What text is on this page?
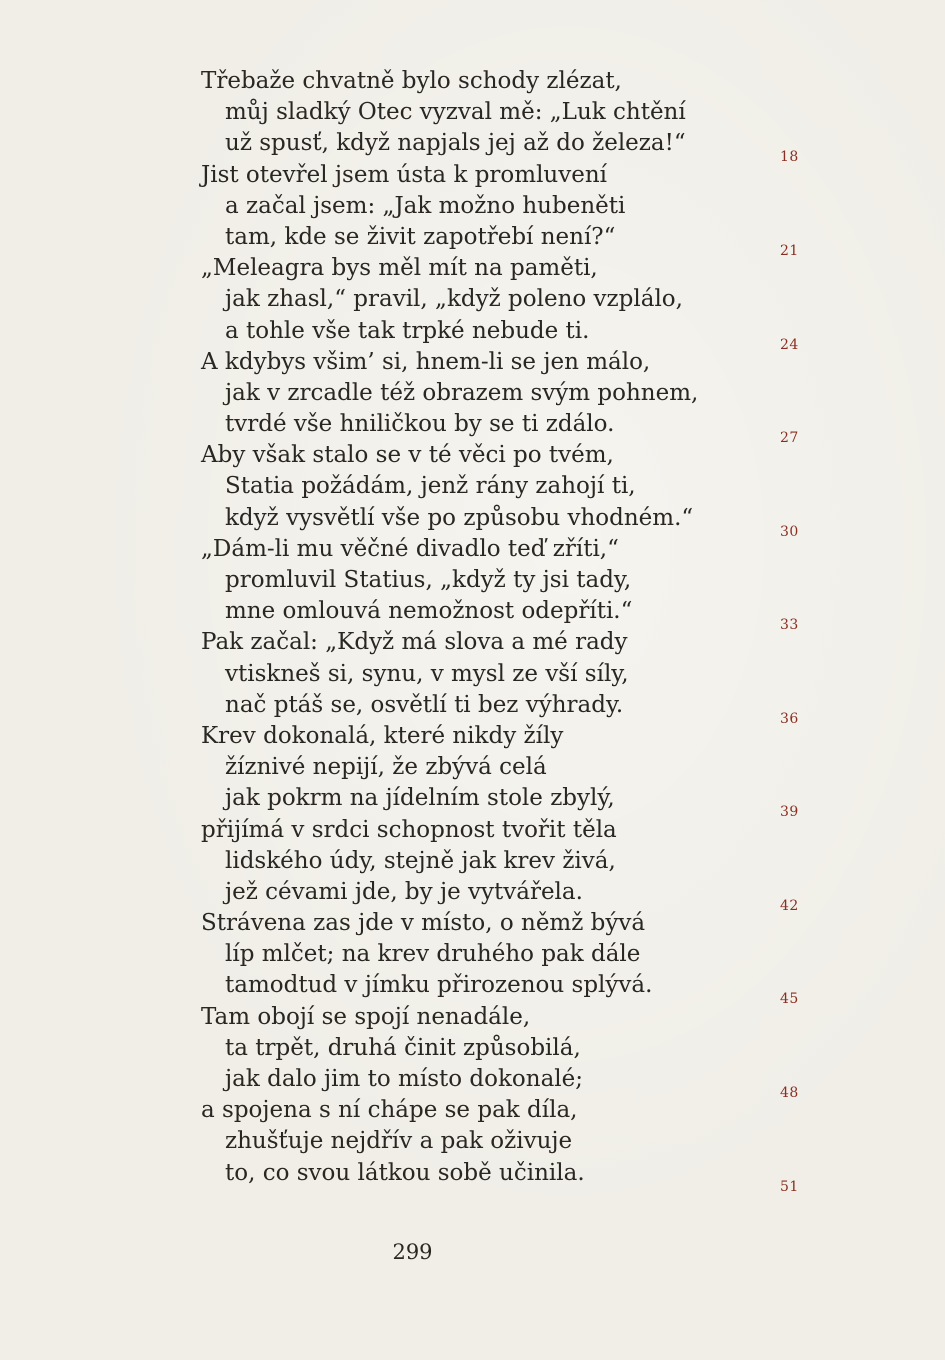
Třebaže chvatně bylo schody zlézat,
můj sladký Otec vyzval mě: „Luk chtění
už spusť, když napjals jej až do železa!“
18
Jist otevřel jsem ústa k promluvení
a začal jsem: „Jak možno hubeněti
tam, kde se živit zapotřebí není?“
21
„Meleagra bys měl mít na paměti,
jak zhasl,“ pravil, „když poleno vzplálo,
a tohle vše tak trpké nebude ti.
24
A kdybys všim’ si, hnem-li se jen málo,
jak v zrcadle též obrazem svým pohnem,
tvrdé vše hniličkou by se ti zdálo.
27
Aby však stalo se v té věci po tvém,
Statia požádám, jenž rány zahojí ti,
když vysvětlí vše po způsobu vhodném.“
30
„Dám-li mu věčné divadlo teď zříti,“
promluvil Statius, „když ty jsi tady,
mne omlouvá nemožnost odepříti.“
33
Pak začal: „Když má slova a mé rady
vtiskneš si, synu, v mysl ze vší síly,
nač ptáš se, osvětlí ti bez výhrady.
36
Krev dokonalá, které nikdy žíly
žíznivé nepijí, že zbývá celá
jak pokrm na jídelním stole zbylý,
39
přijímá v srdci schopnost tvořit těla
lidského údy, stejně jak krev živá,
jež cévami jde, by je vytvářela.
42
Strávena zas jde v místo, o němž bývá
líp mlčet; na krev druhého pak dále
tamodtud v jímku přirozenou splývá.
45
Tam obojí se spojí nenadále,
ta trpět, druhá činit způsobilá,
jak dalo jim to místo dokonalé;
48
a spojena s ní chápe se pak díla,
zhušťuje nejdřív a pak oživuje
to, co svou látkou sobě učinila.
51
299
